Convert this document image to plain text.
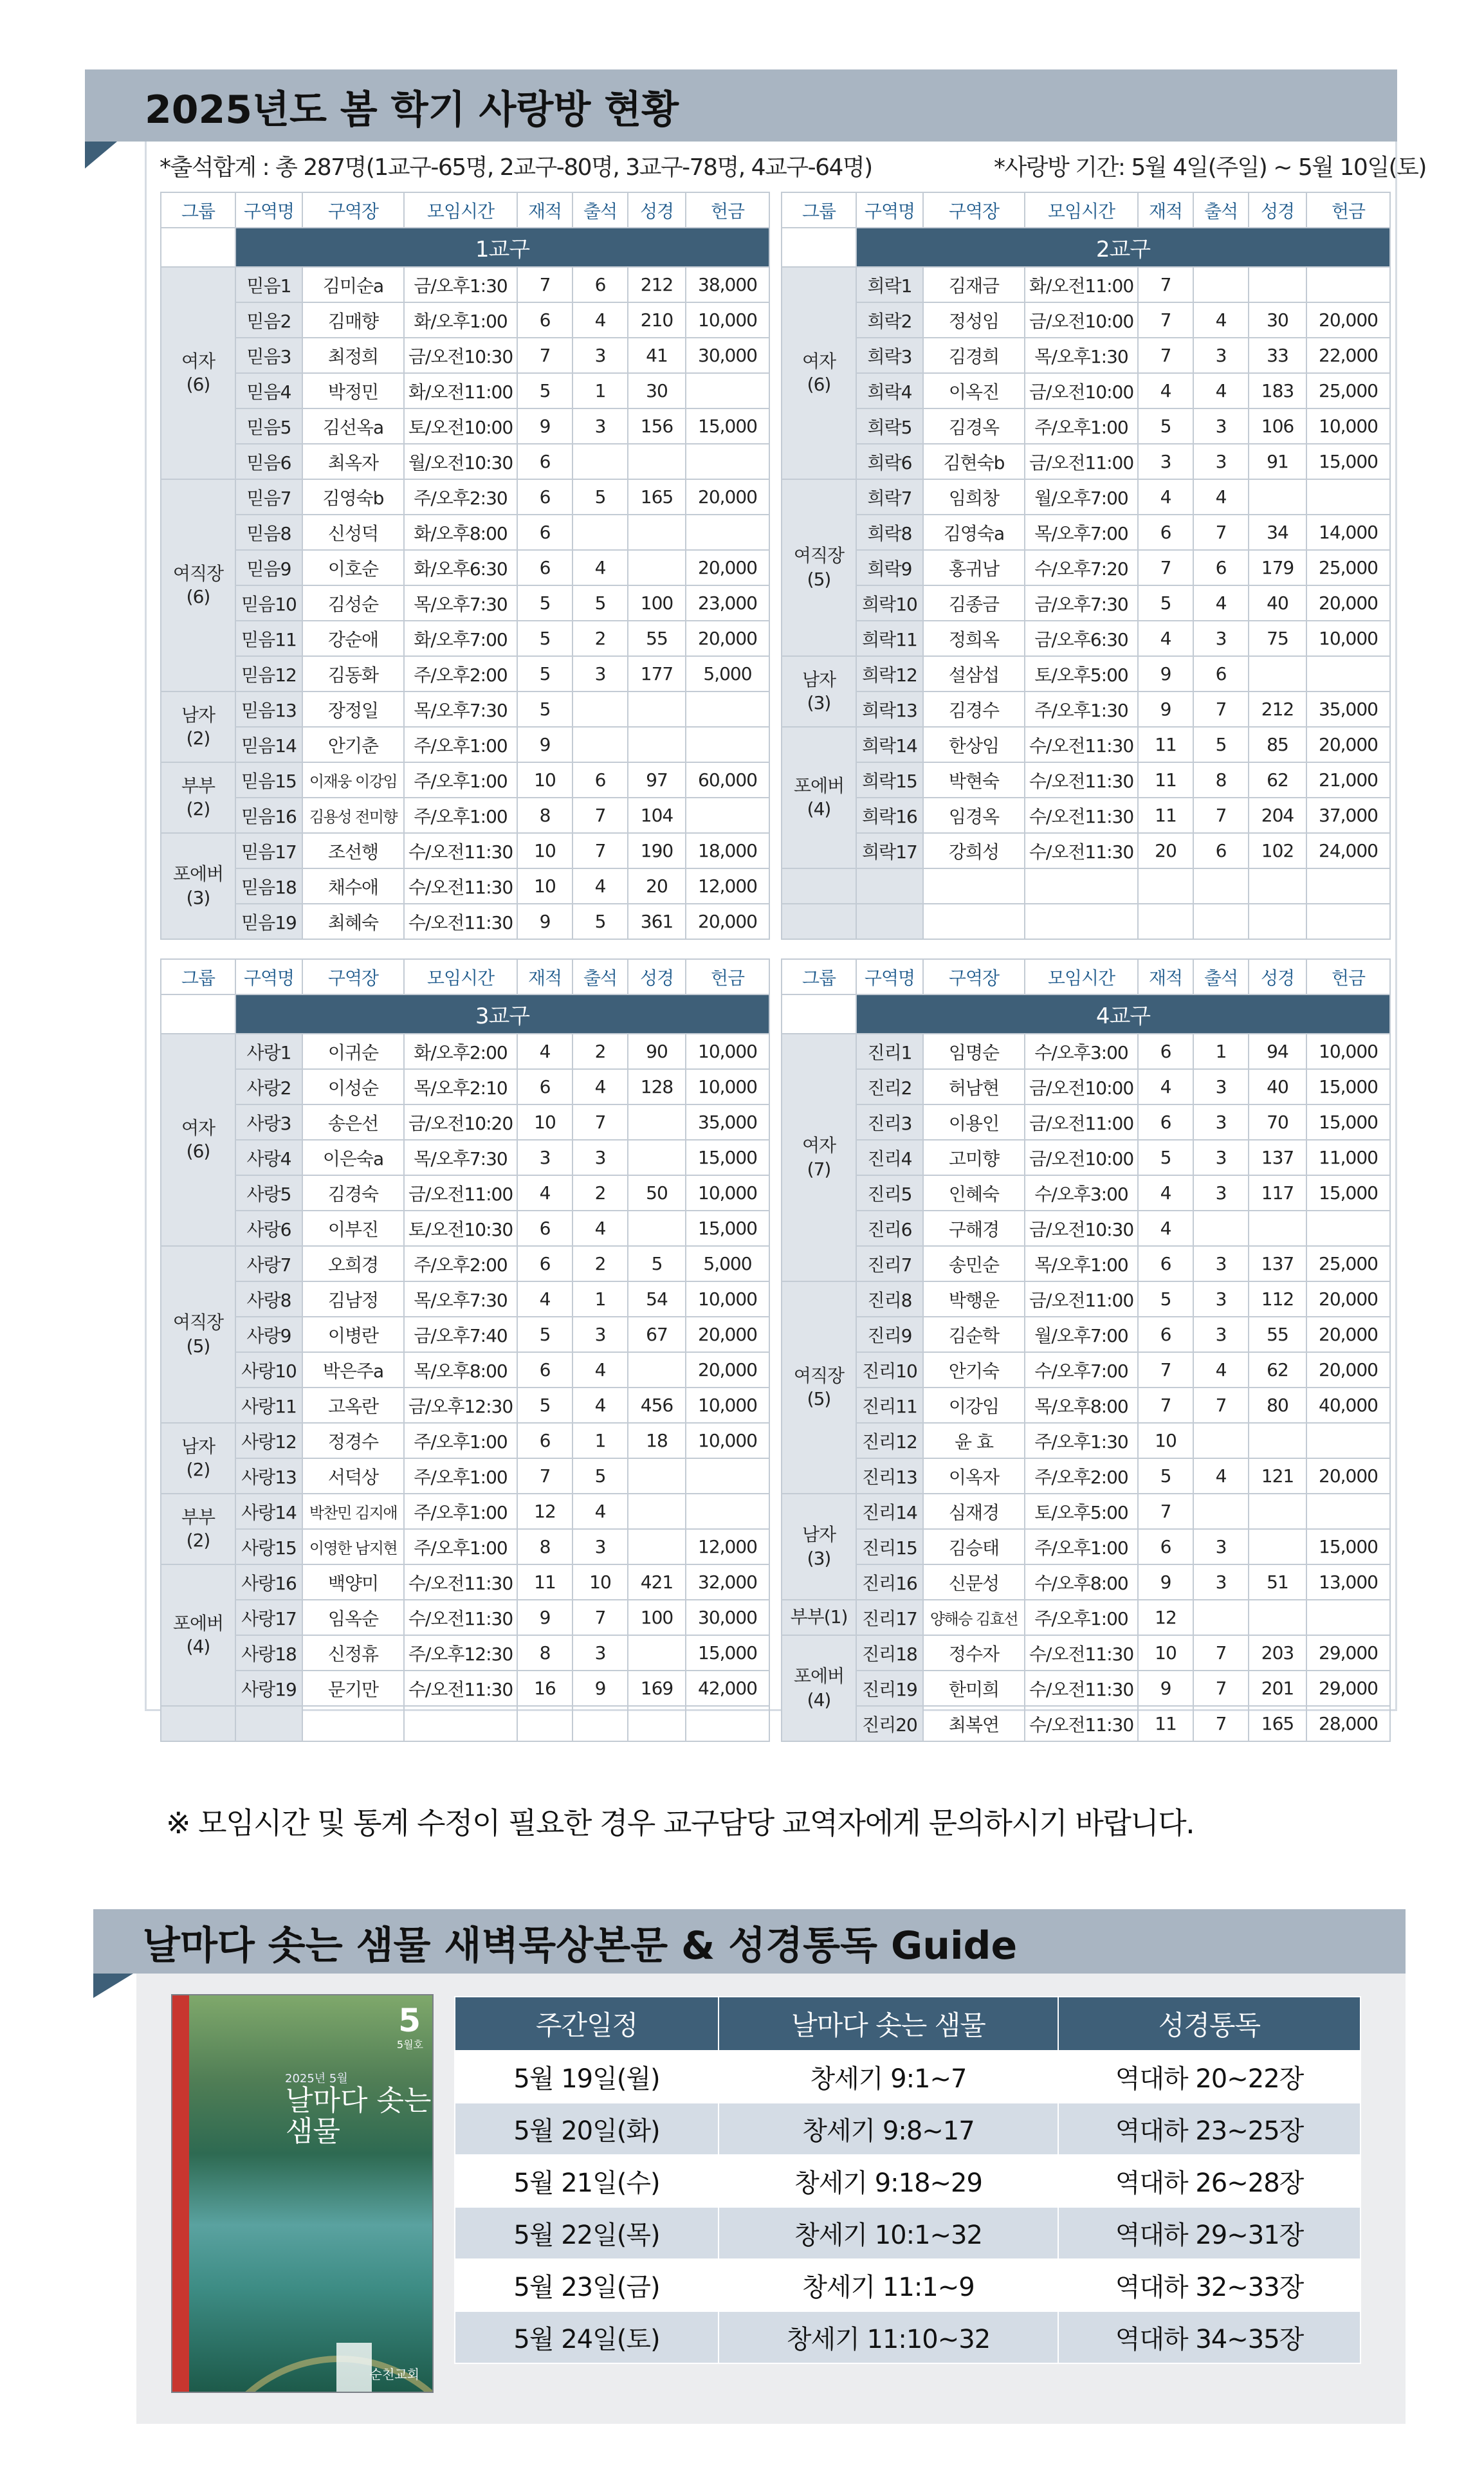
2025년도 봄 학기 사랑방 현황
*출석합계 : 총 287명(1교구-65명, 2교구-80명, 3교구-78명, 4교구-64명)	*사랑방 기간: 5월 4일(주일) ~ 5월 10일(토)
그룹	구역명	구역장	모임시간	재적	출석	성경	헌금
	1교구						
여자
(6)	믿음1	김미순a	금/오후1:30	7	6	212	38,000
	믿음2	김매향	화/오후1:00	6	4	210	10,000
	믿음3	최정희	금/오전10:30	7	3	41	30,000
	믿음4	박정민	화/오전11:00	5	1	30	
	믿음5	김선옥a	토/오전10:00	9	3	156	15,000
	믿음6	최옥자	월/오전10:30	6			
여직장
(6)	믿음7	김영숙b	주/오후2:30	6	5	165	20,000
	믿음8	신성덕	화/오후8:00	6			
	믿음9	이호순	화/오후6:30	6	4		20,000
	믿음10	김성순	목/오후7:30	5	5	100	23,000
	믿음11	강순애	화/오후7:00	5	2	55	20,000
	믿음12	김동화	주/오후2:00	5	3	177	5,000
남자
(2)	믿음13	장정일	목/오후7:30	5			
	믿음14	안기춘	주/오후1:00	9			
부부
(2)	믿음15	이재웅 이강임	주/오후1:00	10	6	97	60,000
	믿음16	김용성 전미향	주/오후1:00	8	7	104	
포에버
(3)	믿음17	조선행	수/오전11:30	10	7	190	18,000
	믿음18	채수애	수/오전11:30	10	4	20	12,000
	믿음19	최혜숙	수/오전11:30	9	5	361	20,000
그룹	구역명	구역장	모임시간	재적	출석	성경	헌금
	2교구						
여자
(6)	희락1	김재금	화/오전11:00	7			
	희락2	정성임	금/오전10:00	7	4	30	20,000
	희락3	김경희	목/오후1:30	7	3	33	22,000
	희락4	이옥진	금/오전10:00	4	4	183	25,000
	희락5	김경옥	주/오후1:00	5	3	106	10,000
	희락6	김현숙b	금/오전11:00	3	3	91	15,000
여직장
(5)	희락7	임희창	월/오후7:00	4	4		
	희락8	김영숙a	목/오후7:00	6	7	34	14,000
	희락9	홍귀남	수/오후7:20	7	6	179	25,000
	희락10	김종금	금/오후7:30	5	4	40	20,000
	희락11	정희옥	금/오후6:30	4	3	75	10,000
남자
(3)	희락12	설삼섭	토/오후5:00	9	6		
	희락13	김경수	주/오후1:30	9	7	212	35,000
포에버
(4)	희락14	한상임	수/오전11:30	11	5	85	20,000
	희락15	박현숙	수/오전11:30	11	8	62	21,000
	희락16	임경옥	수/오전11:30	11	7	204	37,000
	희락17	강희성	수/오전11:30	20	6	102	24,000

그룹	구역명	구역장	모임시간	재적	출석	성경	헌금
	3교구						
여자
(6)	사랑1	이귀순	화/오후2:00	4	2	90	10,000
	사랑2	이성순	목/오후2:10	6	4	128	10,000
	사랑3	송은선	금/오전10:20	10	7		35,000
	사랑4	이은숙a	목/오후7:30	3	3		15,000
	사랑5	김경숙	금/오전11:00	4	2	50	10,000
	사랑6	이부진	토/오전10:30	6	4		15,000
여직장
(5)	사랑7	오희경	주/오후2:00	6	2	5	5,000
	사랑8	김남정	목/오후7:30	4	1	54	10,000
	사랑9	이병란	금/오후7:40	5	3	67	20,000
	사랑10	박은주a	목/오후8:00	6	4		20,000
	사랑11	고옥란	금/오후12:30	5	4	456	10,000
남자
(2)	사랑12	정경수	주/오후1:00	6	1	18	10,000
	사랑13	서덕상	주/오후1:00	7	5		
부부
(2)	사랑14	박찬민 김지애	주/오후1:00	12	4		
	사랑15	이영한 남지현	주/오후1:00	8	3		12,000
포에버
(4)	사랑16	백양미	수/오전11:30	11	10	421	32,000
	사랑17	임옥순	수/오전11:30	9	7	100	30,000
	사랑18	신정휴	주/오후12:30	8	3		15,000
	사랑19	문기만	수/오전11:30	16	9	169	42,000

그룹	구역명	구역장	모임시간	재적	출석	성경	헌금
	4교구						
여자
(7)	진리1	임명순	수/오후3:00	6	1	94	10,000
	진리2	허남현	금/오전10:00	4	3	40	15,000
	진리3	이용인	금/오전11:00	6	3	70	15,000
	진리4	고미향	금/오전10:00	5	3	137	11,000
	진리5	인혜숙	수/오후3:00	4	3	117	15,000
	진리6	구해경	금/오전10:30	4			
	진리7	송민순	목/오후1:00	6	3	137	25,000
여직장
(5)	진리8	박행운	금/오전11:00	5	3	112	20,000
	진리9	김순학	월/오후7:00	6	3	55	20,000
	진리10	안기숙	수/오후7:00	7	4	62	20,000
	진리11	이강임	목/오후8:00	7	7	80	40,000
	진리12	윤 효	주/오후1:30	10			
	진리13	이옥자	주/오후2:00	5	4	121	20,000
남자
(3)	진리14	심재경	토/오후5:00	7			
	진리15	김승태	주/오후1:00	6	3		15,000
	진리16	신문성	수/오후8:00	9	3	51	13,000
부부(1)	진리17	양해승 김효선	주/오후1:00	12			
포에버
(4)	진리18	정수자	수/오전11:30	10	7	203	29,000
	진리19	한미희	수/오전11:30	9	7	201	29,000
	진리20	최복연	수/오전11:30	11	7	165	28,000
※ 모임시간 및 통계 수정이 필요한 경우 교구담당 교역자에게 문의하시기 바랍니다.
날마다 솟는 샘물 새벽묵상본문 & 성경통독 Guide
5
5월호
2025년 5월
날마다 솟는
샘물
순천교회
주간일정	날마다 솟는 샘물	성경통독
5월 19일(월)	창세기 9:1~7	역대하 20~22장
5월 20일(화)	창세기 9:8~17	역대하 23~25장
5월 21일(수)	창세기 9:18~29	역대하 26~28장
5월 22일(목)	창세기 10:1~32	역대하 29~31장
5월 23일(금)	창세기 11:1~9	역대하 32~33장
5월 24일(토)	창세기 11:10~32	역대하 34~35장
